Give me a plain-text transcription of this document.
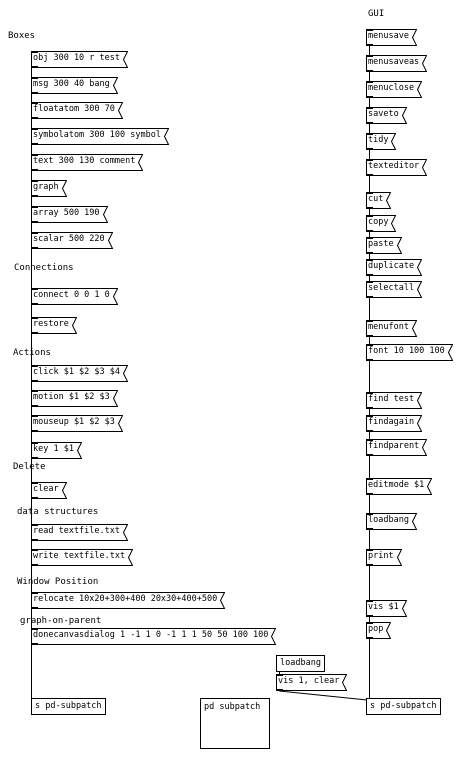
Boxes
Connections
Actions
Delete
data structures
Window Position
graph-on-parent
GUI
obj 300 10 r test
msg 300 40 bang
floatatom 300 70
symbolatom 300 100 symbol
text 300 130 comment
graph
array 500 190
scalar 500 220
connect 0 0 1 0
restore
click $1 $2 $3 $4
motion $1 $2 $3
mouseup $1 $2 $3
key 1 $1
clear
read textfile.txt
write textfile.txt
relocate 10x20+300+400 20x30+400+500
donecanvasdialog 1 -1 1 0 -1 1 1 50 50 100 100
menusave
menusaveas
menuclose
saveto
tidy
texteditor
cut
copy
paste
duplicate
selectall
menufont
font 10 100 100
find test
findagain
findparent
editmode $1
loadbang
print
vis $1
pop
loadbang
vis 1, clear
s pd-subpatch	pd subpatch	s pd-subpatch
